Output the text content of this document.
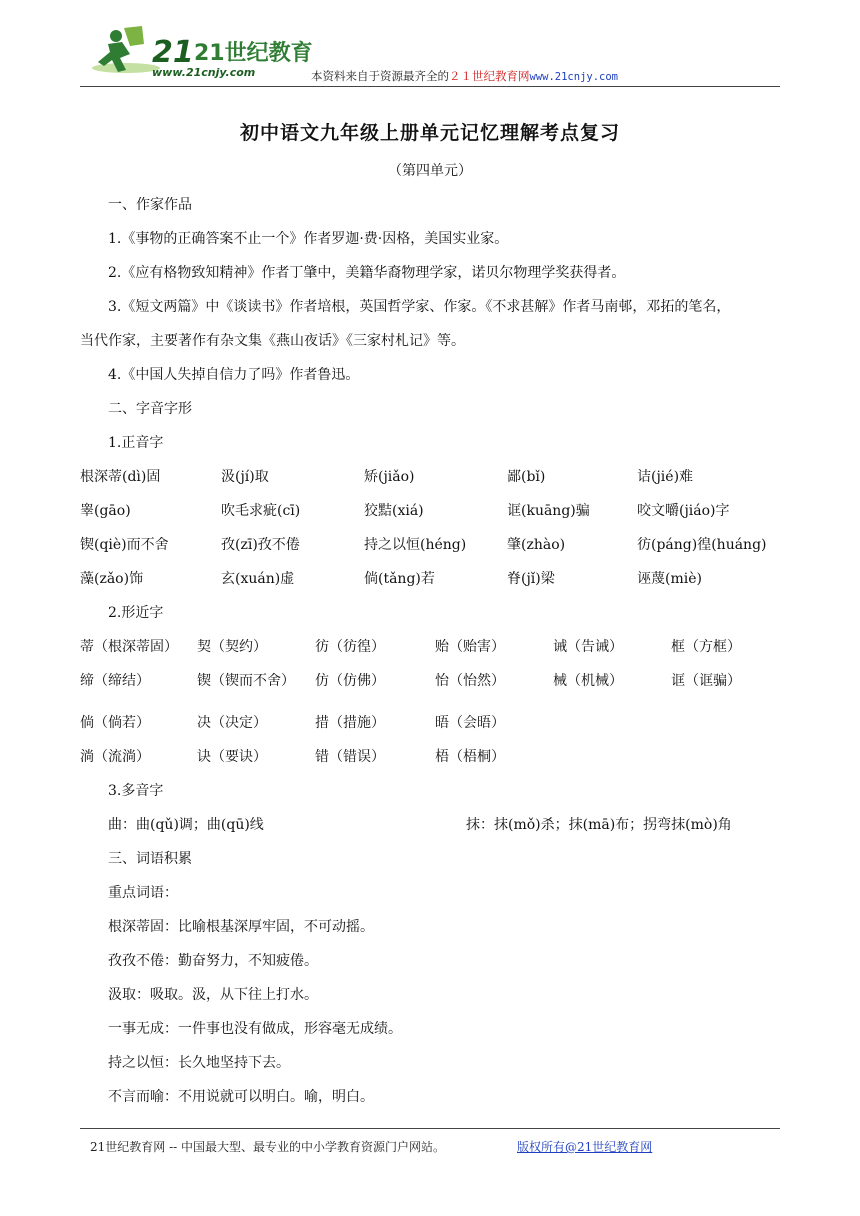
21 21世纪教育
www.21cnjy.com	本资料来自于资源最齐全的２１世纪教育网www.21cnjy.com
初中语文九年级上册单元记忆理解考点复习
（第四单元）
一、作家作品
1.《事物的正确答案不止一个》作者罗迦·费·因格，美国实业家。
2.《应有格物致知精神》作者丁肇中，美籍华裔物理学家，诺贝尔物理学奖获得者。
3.《短文两篇》中《谈读书》作者培根，英国哲学家、作家。《不求甚解》作者马南邨，邓拓的笔名，
当代作家，主要著作有杂文集《燕山夜话》《三家村札记》等。
4.《中国人失掉自信力了吗》作者鲁迅。
二、字音字形
1.正音字
根深蒂(dì)固	汲(jí)取	矫(jiǎo)	鄙(bǐ)	诘(jié)难
睾(gāo)	吹毛求疵(cī)	狡黠(xiá)	诓(kuāng)骗	咬文嚼(jiáo)字
锲(qiè)而不舍	孜(zī)孜不倦	持之以恒(héng)	肇(zhào)	彷(páng)徨(huáng)
藻(zǎo)饰	玄(xuán)虚	倘(tǎng)若	脊(jǐ)梁	诬蔑(miè)
2.形近字
蒂（根深蒂固） 契（契约）	彷（彷徨）	贻（贻害）	诫（告诫）	框（方框）
缔（缔结）	锲（锲而不舍） 仿（仿佛）	怡（怡然）	械（机械）	诓（诓骗）
倘（倘若）	决（决定）	措（措施）	晤（会晤）
淌（流淌）	诀（要诀）	错（错误）	梧（梧桐）
3.多音字
曲：曲(qǔ)调；曲(qū)线	抹：抹(mǒ)杀；抹(mā)布；拐弯抹(mò)角
三、词语积累
重点词语：
根深蒂固：比喻根基深厚牢固，不可动摇。
孜孜不倦：勤奋努力，不知疲倦。
汲取：吸取。汲，从下往上打水。
一事无成：一件事也没有做成，形容毫无成绩。
持之以恒：长久地坚持下去。
不言而喻：不用说就可以明白。喻，明白。
21世纪教育网 -- 中国最大型、最专业的中小学教育资源门户网站。	版权所有@21世纪教育网
